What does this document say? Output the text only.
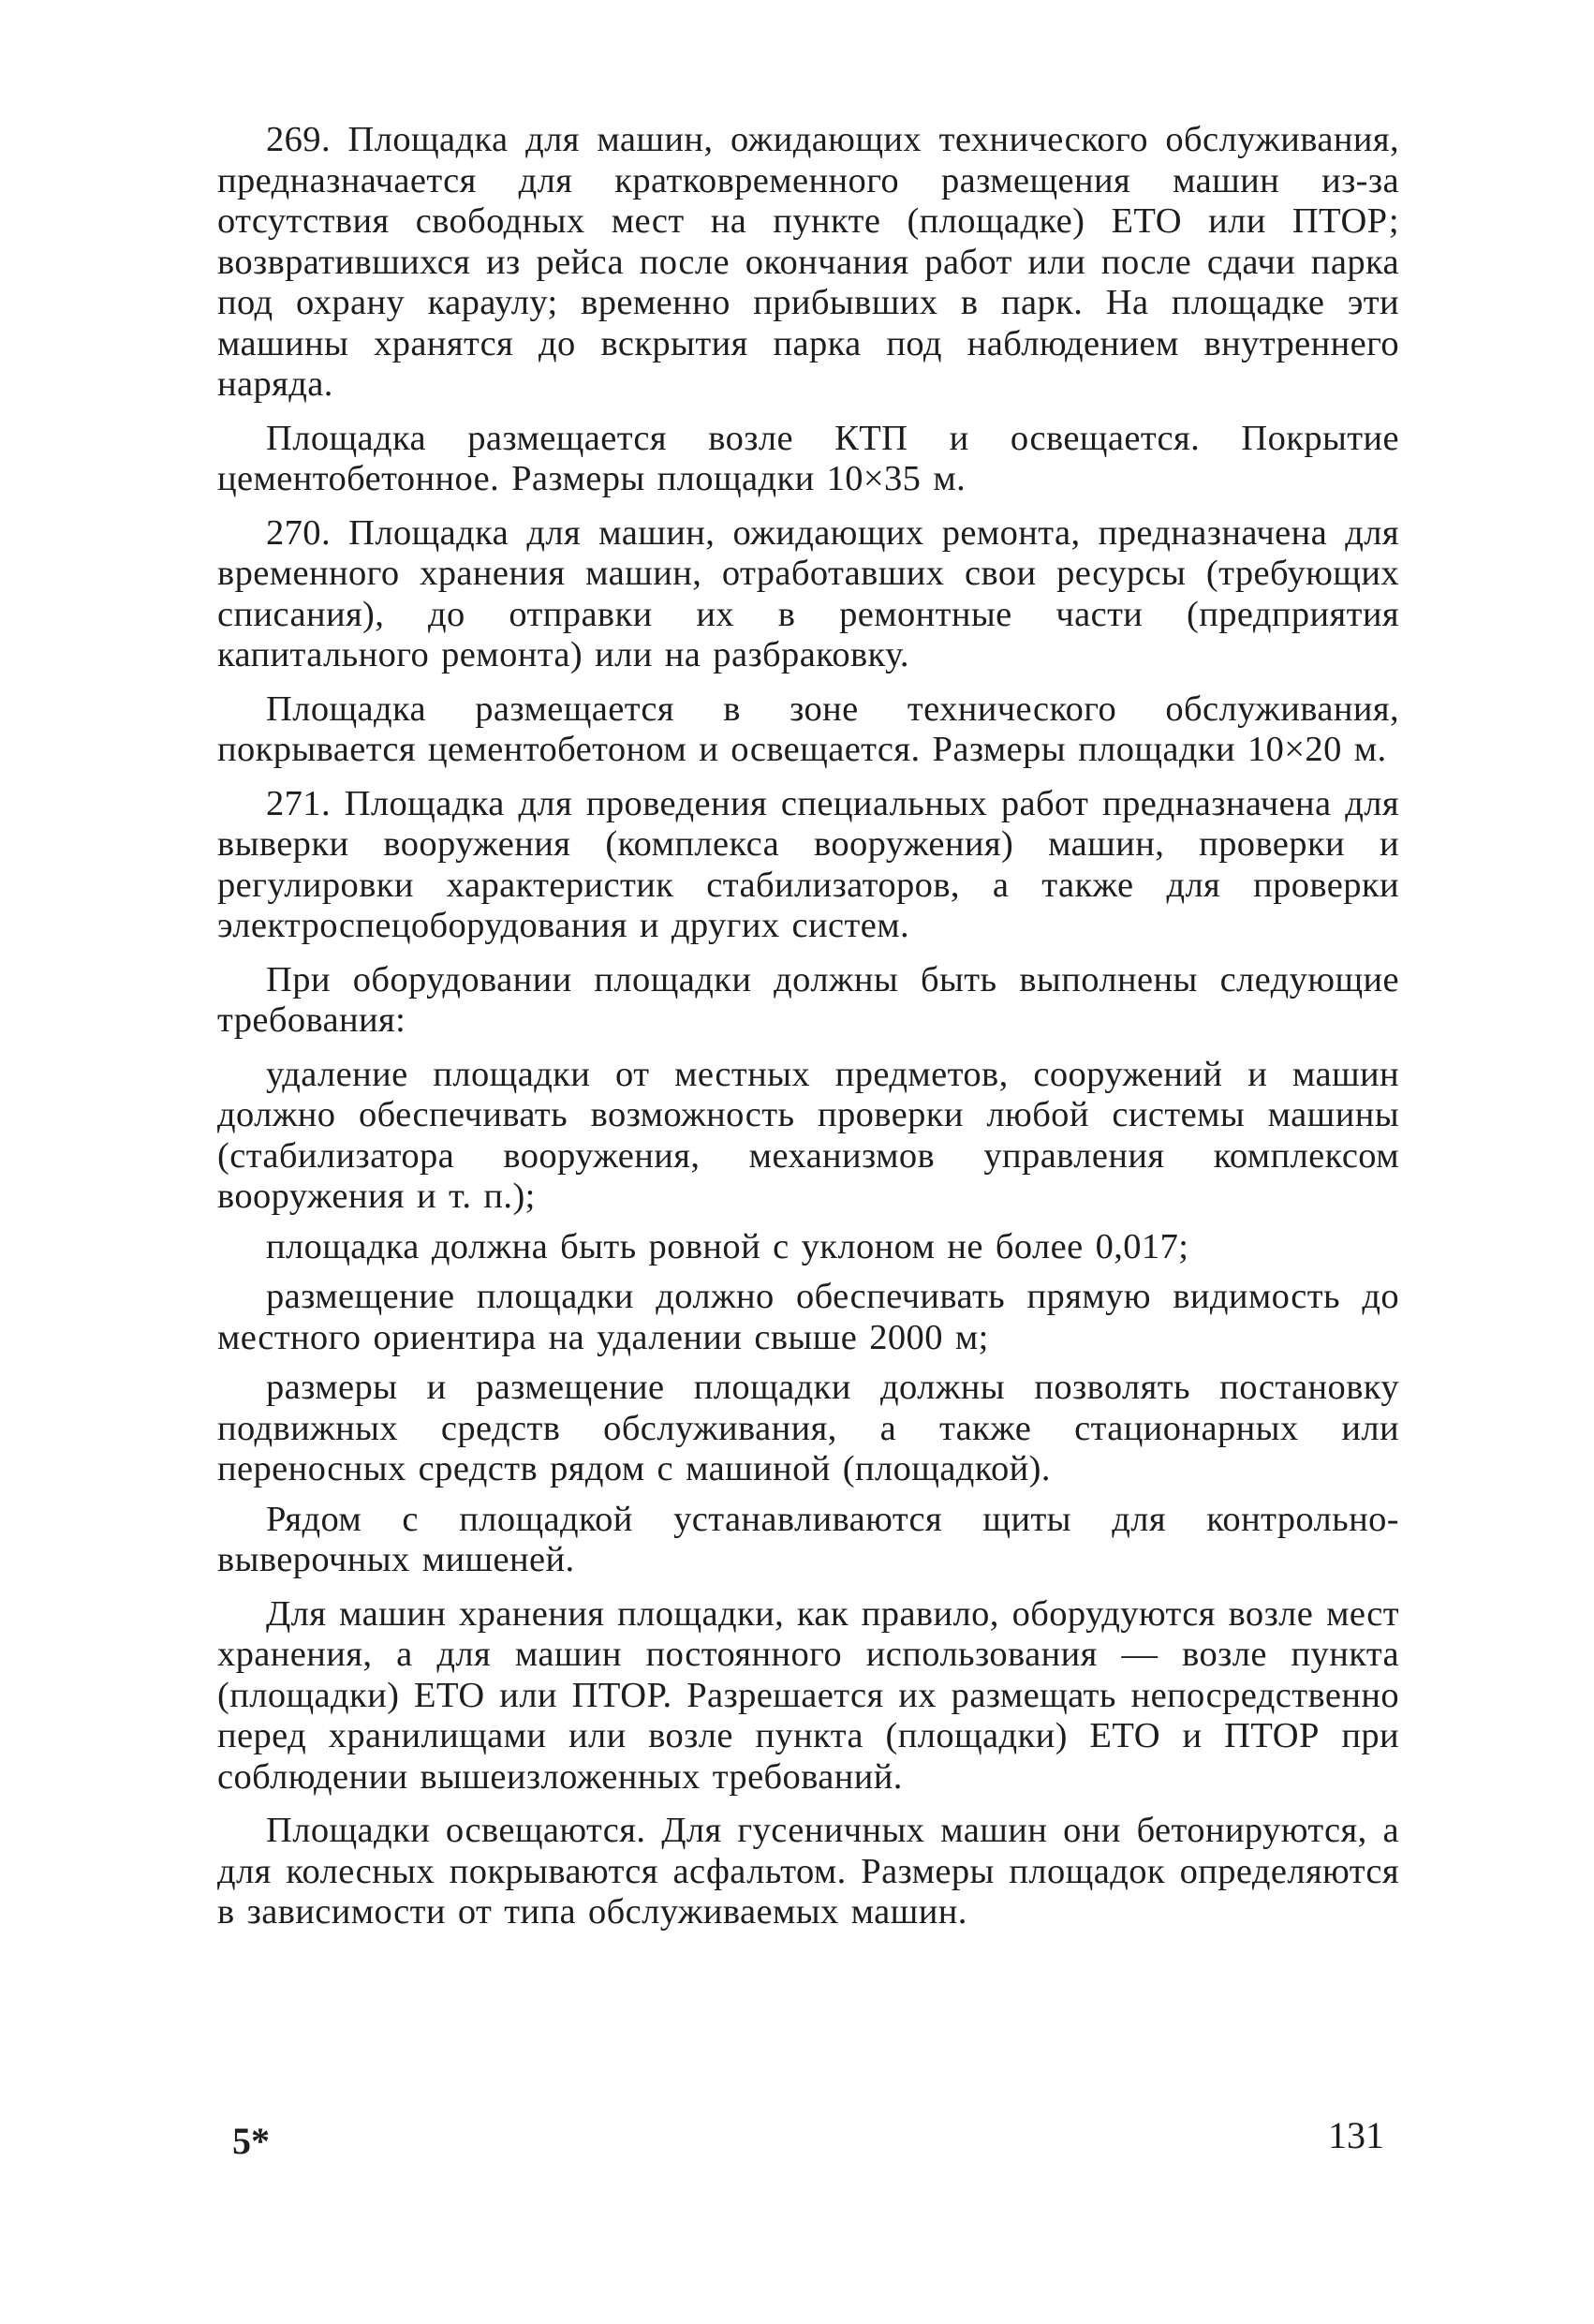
269. Площадка для машин, ожидающих технического обслуживания, предназначается для кратковременного размещения машин из-за отсутствия свободных мест на пункте (площадке) ЕТО или ПТОР; возвратившихся из рейса после окончания работ или после сдачи парка под охрану караулу; временно прибывших в парк. На площадке эти машины хранятся до вскрытия парка под наблюдением внутреннего наряда.

Площадка размещается возле КТП и освещается. Покрытие цементобетонное. Размеры площадки 10×35 м.

270. Площадка для машин, ожидающих ремонта, предназначена для временного хранения машин, отработавших свои ресурсы (требующих списания), до отправки их в ремонтные части (предприятия капитального ремонта) или на разбраковку.

Площадка размещается в зоне технического обслуживания, покрывается цементобетоном и освещается. Размеры площадки 10×20 м.

271. Площадка для проведения специальных работ предназначена для выверки вооружения (комплекса вооружения) машин, проверки и регулировки характеристик стабилизаторов, а также для проверки электроспецоборудования и других систем.

При оборудовании площадки должны быть выполнены следующие требования:

удаление площадки от местных предметов, сооружений и машин должно обеспечивать возможность проверки любой системы машины (стабилизатора вооружения, механизмов управления комплексом вооружения и т. п.);

площадка должна быть ровной с уклоном не более 0,017;

размещение площадки должно обеспечивать прямую видимость до местного ориентира на удалении свыше 2000 м;

размеры и размещение площадки должны позволять постановку подвижных средств обслуживания, а также стационарных или переносных средств рядом с машиной (площадкой).

Рядом с площадкой устанавливаются щиты для контрольно-выверочных мишеней.

Для машин хранения площадки, как правило, оборудуются возле мест хранения, а для машин постоянного использования — возле пункта (площадки) ЕТО или ПТОР. Разрешается их размещать непосредственно перед хранилищами или возле пункта (площадки) ЕТО и ПТОР при соблюдении вышеизложенных требований.

Площадки освещаются. Для гусеничных машин они бетонируются, а для колесных покрываются асфальтом. Размеры площадок определяются в зависимости от типа обслуживаемых машин.

5*	131
